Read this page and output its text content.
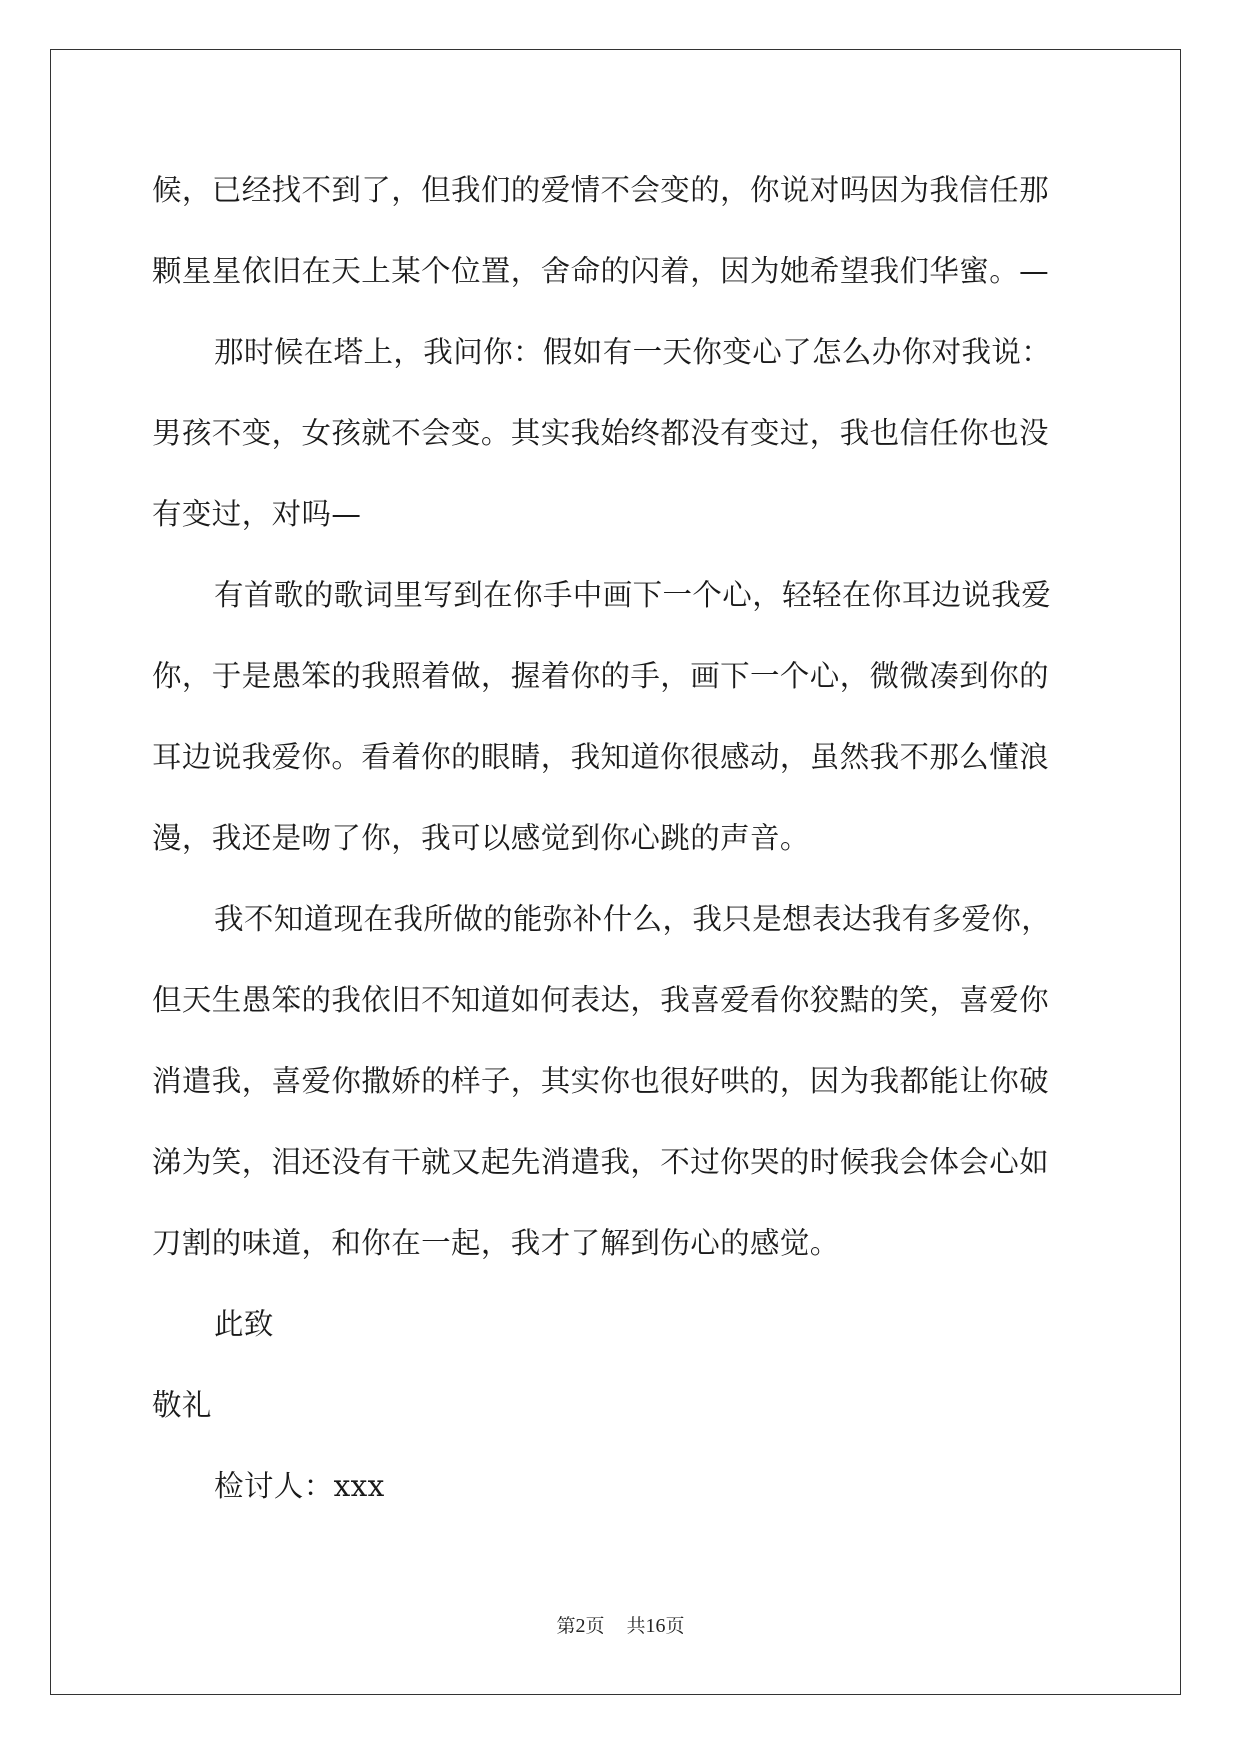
候，已经找不到了，但我们的爱情不会变的，你说对吗因为我信任那
颗星星依旧在天上某个位置，舍命的闪着，因为她希望我们华蜜。—
那时候在塔上，我问你：假如有一天你变心了怎么办你对我说：
男孩不变，女孩就不会变。其实我始终都没有变过，我也信任你也没
有变过，对吗—
有首歌的歌词里写到在你手中画下一个心，轻轻在你耳边说我爱
你，于是愚笨的我照着做，握着你的手，画下一个心，微微凑到你的
耳边说我爱你。看着你的眼睛，我知道你很感动，虽然我不那么懂浪
漫，我还是吻了你，我可以感觉到你心跳的声音。
我不知道现在我所做的能弥补什么，我只是想表达我有多爱你，
但天生愚笨的我依旧不知道如何表达，我喜爱看你狡黠的笑，喜爱你
消遣我，喜爱你撒娇的样子，其实你也很好哄的，因为我都能让你破
涕为笑，泪还没有干就又起先消遣我，不过你哭的时候我会体会心如
刀割的味道，和你在一起，我才了解到伤心的感觉。
此致
敬礼
检讨人：xxx
第2页 共16页
